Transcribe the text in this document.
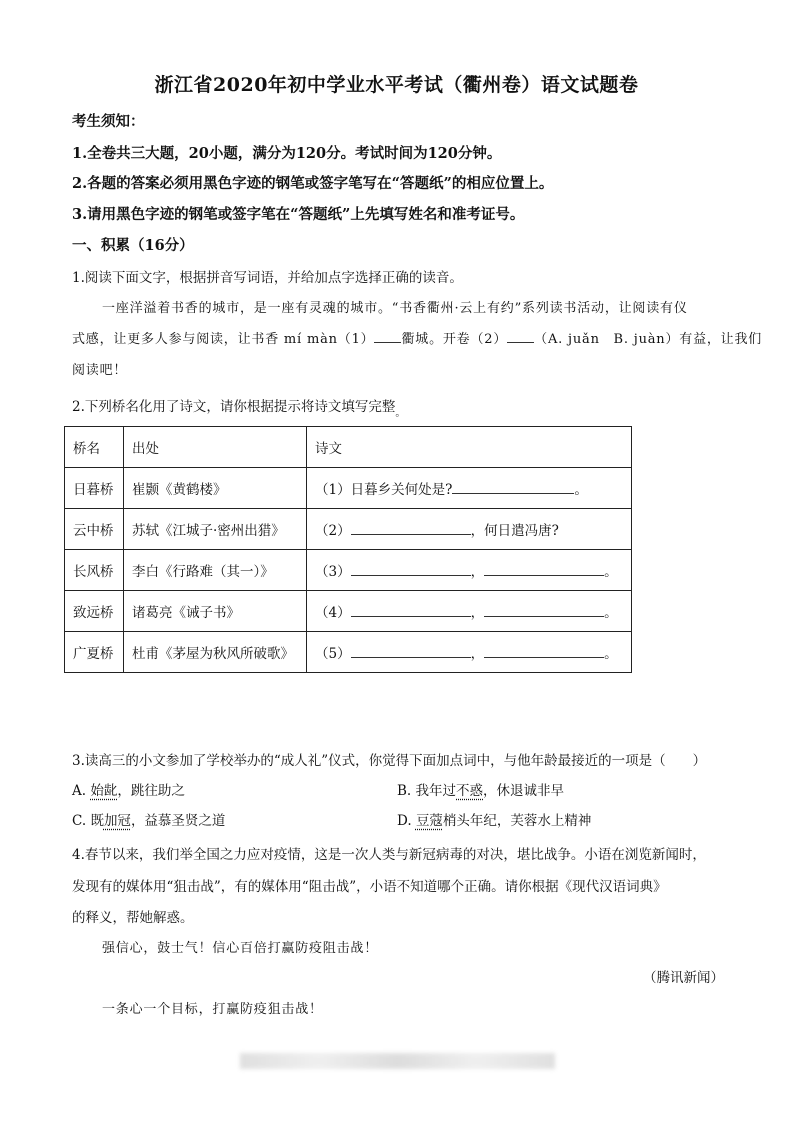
浙江省2020年初中学业水平考试（衢州卷）语文试题卷
考生须知：
1.全卷共三大题，20小题，满分为120分。考试时间为120分钟。
2.各题的答案必须用黑色字迹的钢笔或签字笔写在“答题纸”的相应位置上。
3.请用黑色字迹的钢笔或签字笔在“答题纸”上先填写姓名和准考证号。
一、积累（16分）
1.阅读下面文字，根据拼音写词语，并给加点字选择正确的读音。
一座洋溢着书香的城市，是一座有灵魂的城市。“书香衢州·云上有约”系列读书活动，让阅读有仪
式感，让更多人参与阅读，让书香 mí màn（1） 衢城。开卷（2） （A. juǎn　B. juàn）有益，让我们
阅读吧！
2.下列桥名化用了诗文，请你根据提示将诗文填写完整$_。$
桥名	出处	诗文
日暮桥	崔颢《黄鹤楼》	（1）日暮乡关何处是? 。
云中桥	苏轼《江城子·密州出猎》	（2） ，何日遣冯唐?
长风桥	李白《行路难（其一）》	（3） ， 。
致远桥	诸葛亮《诫子书》	（4） ， 。
广夏桥	杜甫《茅屋为秋风所破歌》	（5） ， 。
3.读高三的小文参加了学校举办的“成人礼”仪式，你觉得下面加点词中，与他年龄最接近的一项是（　　）
A. 始龀，跳往助之	B. 我年过不惑，休退诚非早
C. 既加冠，益慕圣贤之道	D. 豆蔻梢头年纪，芙蓉水上精神
4.春节以来，我们举全国之力应对疫情，这是一次人类与新冠病毒的对决，堪比战争。小语在浏览新闻时，
发现有的媒体用“狙击战”，有的媒体用“阻击战”，小语不知道哪个正确。请你根据《现代汉语词典》
的释义，帮她解惑。
强信心，鼓士气！信心百倍打赢防疫阻击战！
（腾讯新闻）
一条心一个目标，打赢防疫狙击战！
